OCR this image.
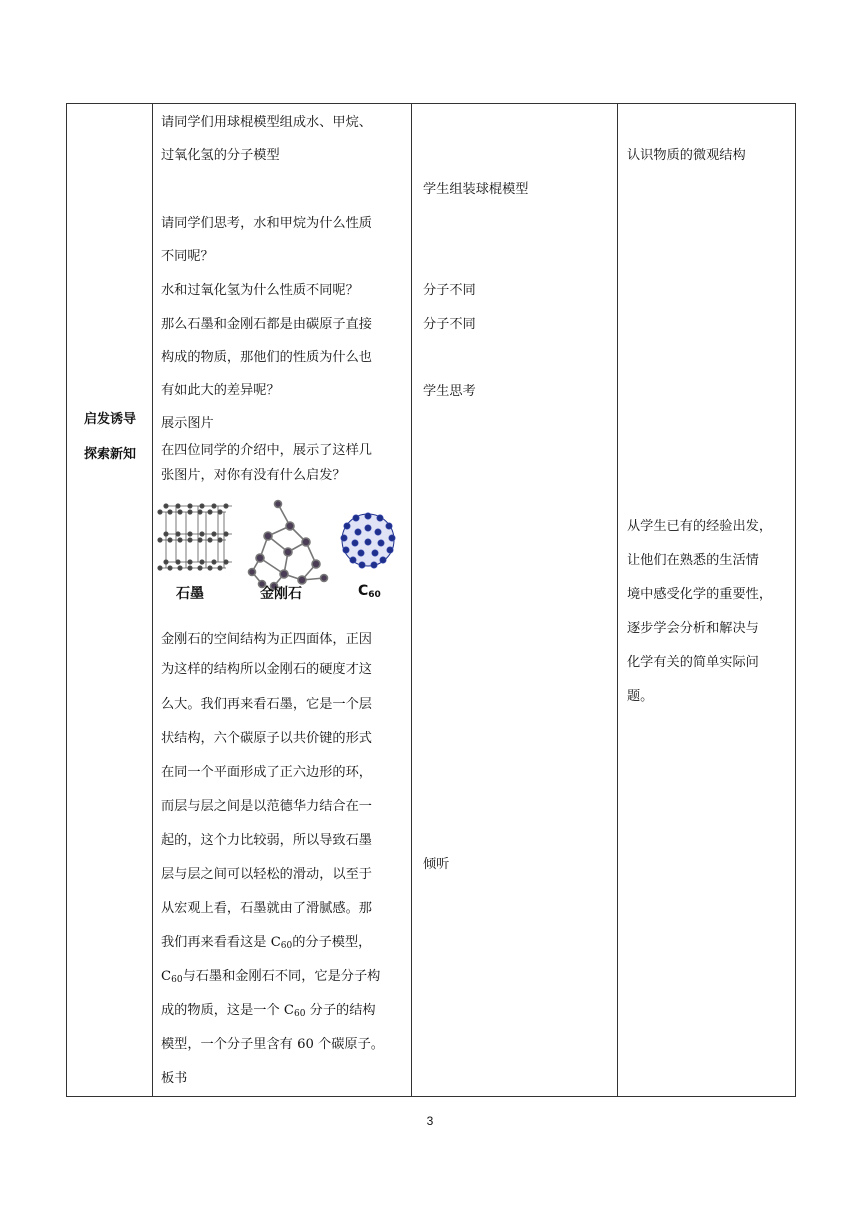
启发诱导
探索新知
请同学们用球棍模型组成水、甲烷、
过氧化氢的分子模型
请同学们思考，水和甲烷为什么性质
不同呢？
水和过氧化氢为什么性质不同呢？
那么石墨和金刚石都是由碳原子直接
构成的物质，那他们的性质为什么也
有如此大的差异呢？
展示图片
在四位同学的介绍中，展示了这样几
张图片，对你有没有什么启发？
石墨	金刚石	$C_{60}$
金刚石的空间结构为正四面体，正因
为这样的结构所以金刚石的硬度才这
么大。我们再来看石墨，它是一个层
状结构，六个碳原子以共价键的形式
在同一个平面形成了正六边形的环，
而层与层之间是以范德华力结合在一
起的，这个力比较弱，所以导致石墨
层与层之间可以轻松的滑动，以至于
从宏观上看，石墨就由了滑腻感。那
我们再来看看这是 $C_{60}$的分子模型，
$C_{60}$与石墨和金刚石不同，它是分子构
成的物质，这是一个 $C_{60}$ 分子的结构
模型，一个分子里含有 60 个碳原子。
板书
学生组装球棍模型
分子不同
分子不同
学生思考
倾听
认识物质的微观结构
从学生已有的经验出发，
让他们在熟悉的生活情
境中感受化学的重要性，
逐步学会分析和解决与
化学有关的简单实际问
题。
3
